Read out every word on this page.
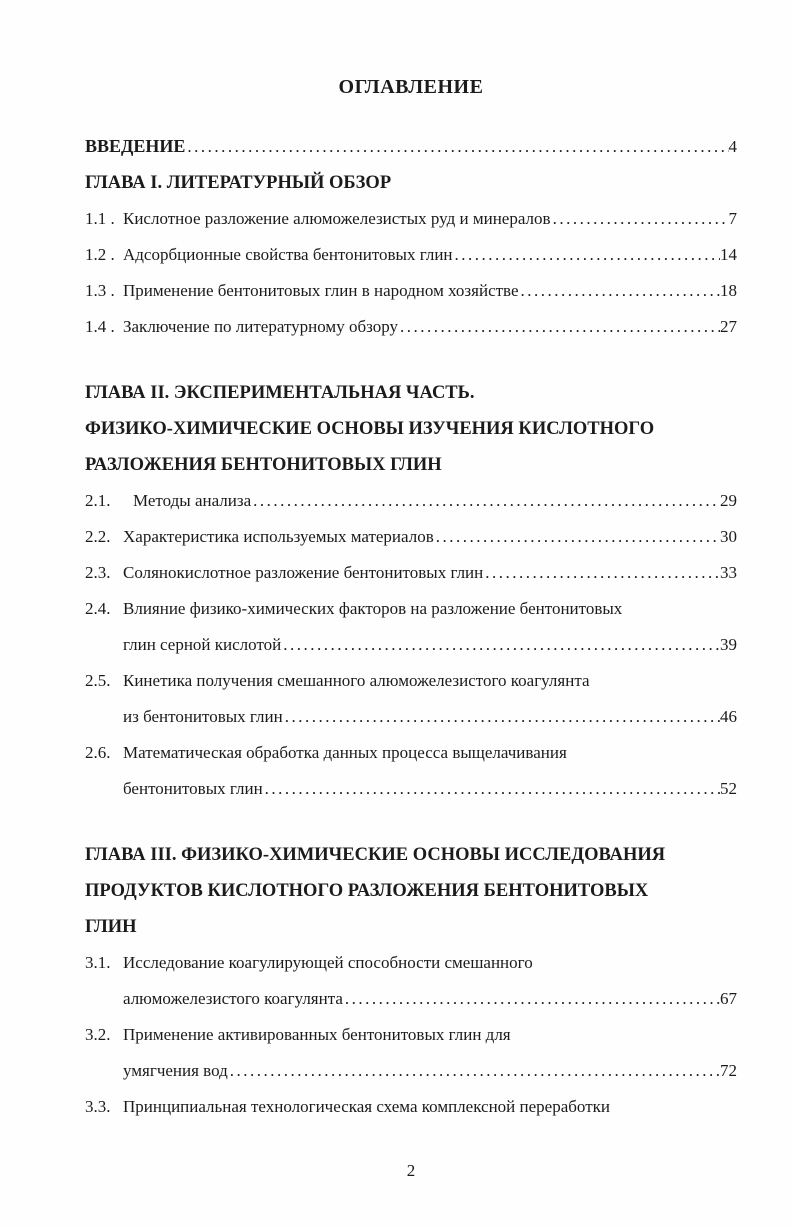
ОГЛАВЛЕНИЕ
ВВЕДЕНИЕ .....	4
ГЛАВА I. ЛИТЕРАТУРНЫЙ ОБЗОР
1.1 . Кислотное разложение алюможелезистых руд и минералов .....	7
1.2 . Адсорбционные свойства бентонитовых глин .....	14
1.3 . Применение бентонитовых глин в народном хозяйстве .....	18
1.4 . Заключение по литературному обзору .....	27
ГЛАВА II. ЭКСПЕРИМЕНТАЛЬНАЯ ЧАСТЬ.
ФИЗИКО-ХИМИЧЕСКИЕ ОСНОВЫ ИЗУЧЕНИЯ КИСЛОТНОГО
РАЗЛОЖЕНИЯ БЕНТОНИТОВЫХ ГЛИН
2.1.	Методы анализа .....	29
2.2. Характеристика используемых материалов .....	30
2.3. Солянокислотное разложение бентонитовых глин .....	33
2.4. Влияние физико-химических факторов на разложение бентонитовых
глин серной кислотой .....	39
2.5. Кинетика получения смешанного алюможелезистого коагулянта
из бентонитовых глин .....	46
2.6. Математическая обработка данных процесса выщелачивания
бентонитовых глин .....	52
ГЛАВА III. ФИЗИКО-ХИМИЧЕСКИЕ ОСНОВЫ ИССЛЕДОВАНИЯ
ПРОДУКТОВ КИСЛОТНОГО РАЗЛОЖЕНИЯ БЕНТОНИТОВЫХ
ГЛИН
3.1. Исследование коагулирующей способности смешанного
алюможелезистого коагулянта .....	67
3.2. Применение активированных бентонитовых глин для
умягчения вод .....	72
3.3. Принципиальная технологическая схема комплексной переработки
2
